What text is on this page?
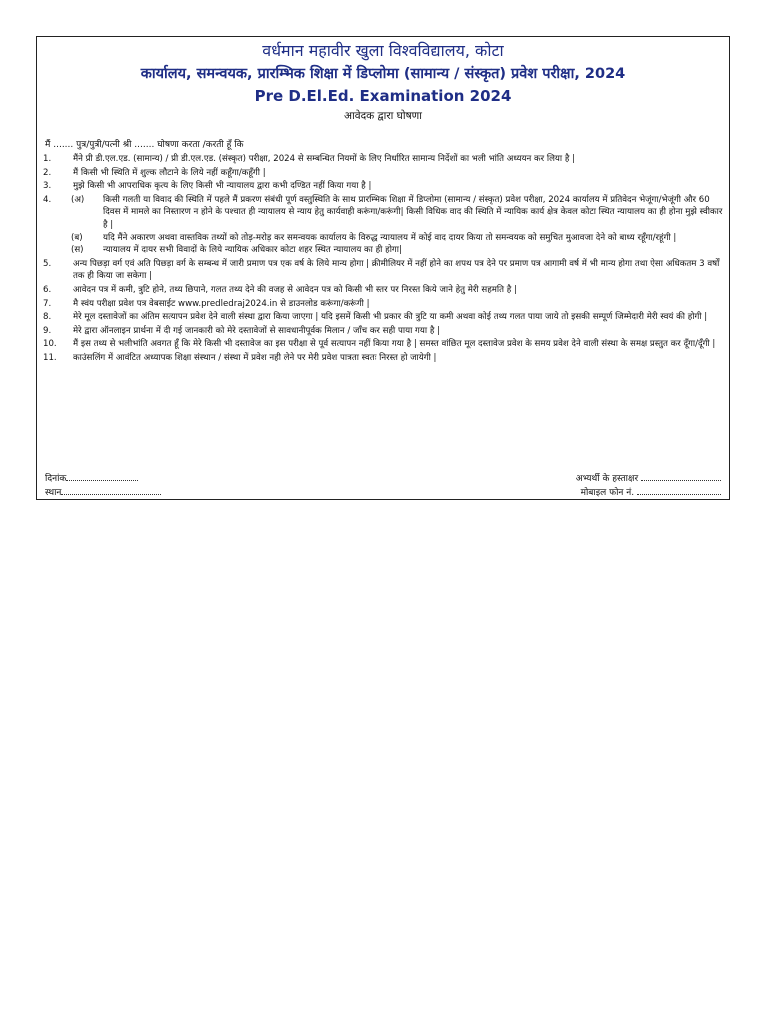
वर्धमान महावीर खुला विश्वविद्यालय, कोटा
कार्यालय, समन्वयक, प्रारम्भिक शिक्षा में डिप्लोमा (सामान्य / संस्कृत) प्रवेश परीक्षा, 2024
Pre D.El.Ed. Examination 2024
आवेदक द्वारा घोषणा
मैं ....... पुत्र/पुत्री/पत्नी श्री ....... घोषणा करता /करती हूँ कि
1.	मैंने प्री डी.एल.एड. (सामान्य) / प्री डी.एल.एड. (संस्कृत) परीक्षा, 2024 से सम्बन्धित नियमों के लिए निर्धारित सामान्य निर्देशों का भली भांति अध्ययन कर लिया है |
2.	मैं किसी भी स्थिति में शुल्क लौटाने के लिये नहीं कहूँगा/कहूँगी |
3.	मुझे किसी भी आपराधिक कृत्य के लिए किसी भी न्यायालय द्वारा कभी दण्डित नहीं किया गया है |
4. (अ) किसी गलती या विवाद की स्थिति में पहले मैं प्रकरण संबंधी पूर्ण वस्तुस्थिति के साथ प्रारम्भिक शिक्षा में डिप्लोमा (सामान्य / संस्कृत) प्रवेश परीक्षा, 2024 कार्यालय में प्रतिवेदन भेजूंगा/भेजूंगी और 60 दिवस में मामले का निस्तारण न होने के पश्चात ही न्यायालय से न्याय हेतु कार्यवाही करूंगा/करूंगी| किसी विधिक वाद की स्थिति में न्यायिक कार्य क्षेत्र केवल कोटा स्थित न्यायालय का ही होना मुझे स्वीकार है |
(ब) यदि मैंने अकारण अथवा वास्तविक तथ्यों को तोड़-मरोड़ कर समन्वयक कार्यालय के विरुद्ध न्यायालय में कोई वाद दायर किया तो समन्वयक को समुचित मुआवजा देने को बाध्य रहूँगा/रहूंगी |
(स) न्यायालय में दायर सभी विवादों के लिये न्यायिक अधिकार कोटा शहर स्थित न्यायालय का ही होगा|
5.	अन्य पिछड़ा वर्ग एवं अति पिछड़ा वर्ग के सम्बन्ध में जारी प्रमाण पत्र एक वर्ष के लिये मान्य होगा | क्रीमीलियर में नहीं होने का शपथ पत्र देने पर प्रमाण पत्र आगामी वर्ष में भी मान्य होगा तथा ऐसा अधिकतम 3 वर्षों तक ही किया जा सकेगा |
6.	आवेदन पत्र में कमी, त्रुटि होने, तथ्य छिपाने, गलत तथ्य देने की वजह से आवेदन पत्र को किसी भी स्तर पर निरस्त किये जाने हेतु मेरी सहमति है |
7.	मै स्वंय परीक्षा प्रवेश पत्र वेबसाईट www.predledraj2024.in से डाउनलोड करूंगा/करूंगी |
8.	मेरे मूल दस्तावेजों का अंतिम सत्यापन प्रवेश देने वाली संस्था द्वारा किया जाएगा | यदि इसमें किसी भी प्रकार की त्रुटि या कमी अथवा कोई तथ्य गलत पाया जाये तो इसकी सम्पूर्ण जिम्मेदारी मेरी स्वयं की होगी |
9.	मेरे द्वारा ऑनलाइन प्रार्थना में दी गई जानकारी को मेरे दस्तावेजों से सावधानीपूर्वक मिलान / जाँच कर सही पाया गया है |
10. मैं इस तथ्य से भलीभांति अवगत हूँ कि मेरे किसी भी दस्तावेज का इस परीक्षा से पूर्व सत्यापन नहीं किया गया है | समस्त वांछित मूल दस्तावेज प्रवेश के समय प्रवेश देने वाली संस्था के समक्ष प्रस्तुत कर दूँगा/दूँगी |
11. काउंसलिंग में आवंटित अध्यापक शिक्षा संस्थान / संस्था में प्रवेश नही लेने पर मेरी प्रवेश पात्रता स्वतः निरस्त हो जायेगी |
दिनांक
स्थान
अभ्यर्थी के हस्ताक्षर
मोबाइल फोन नं.
